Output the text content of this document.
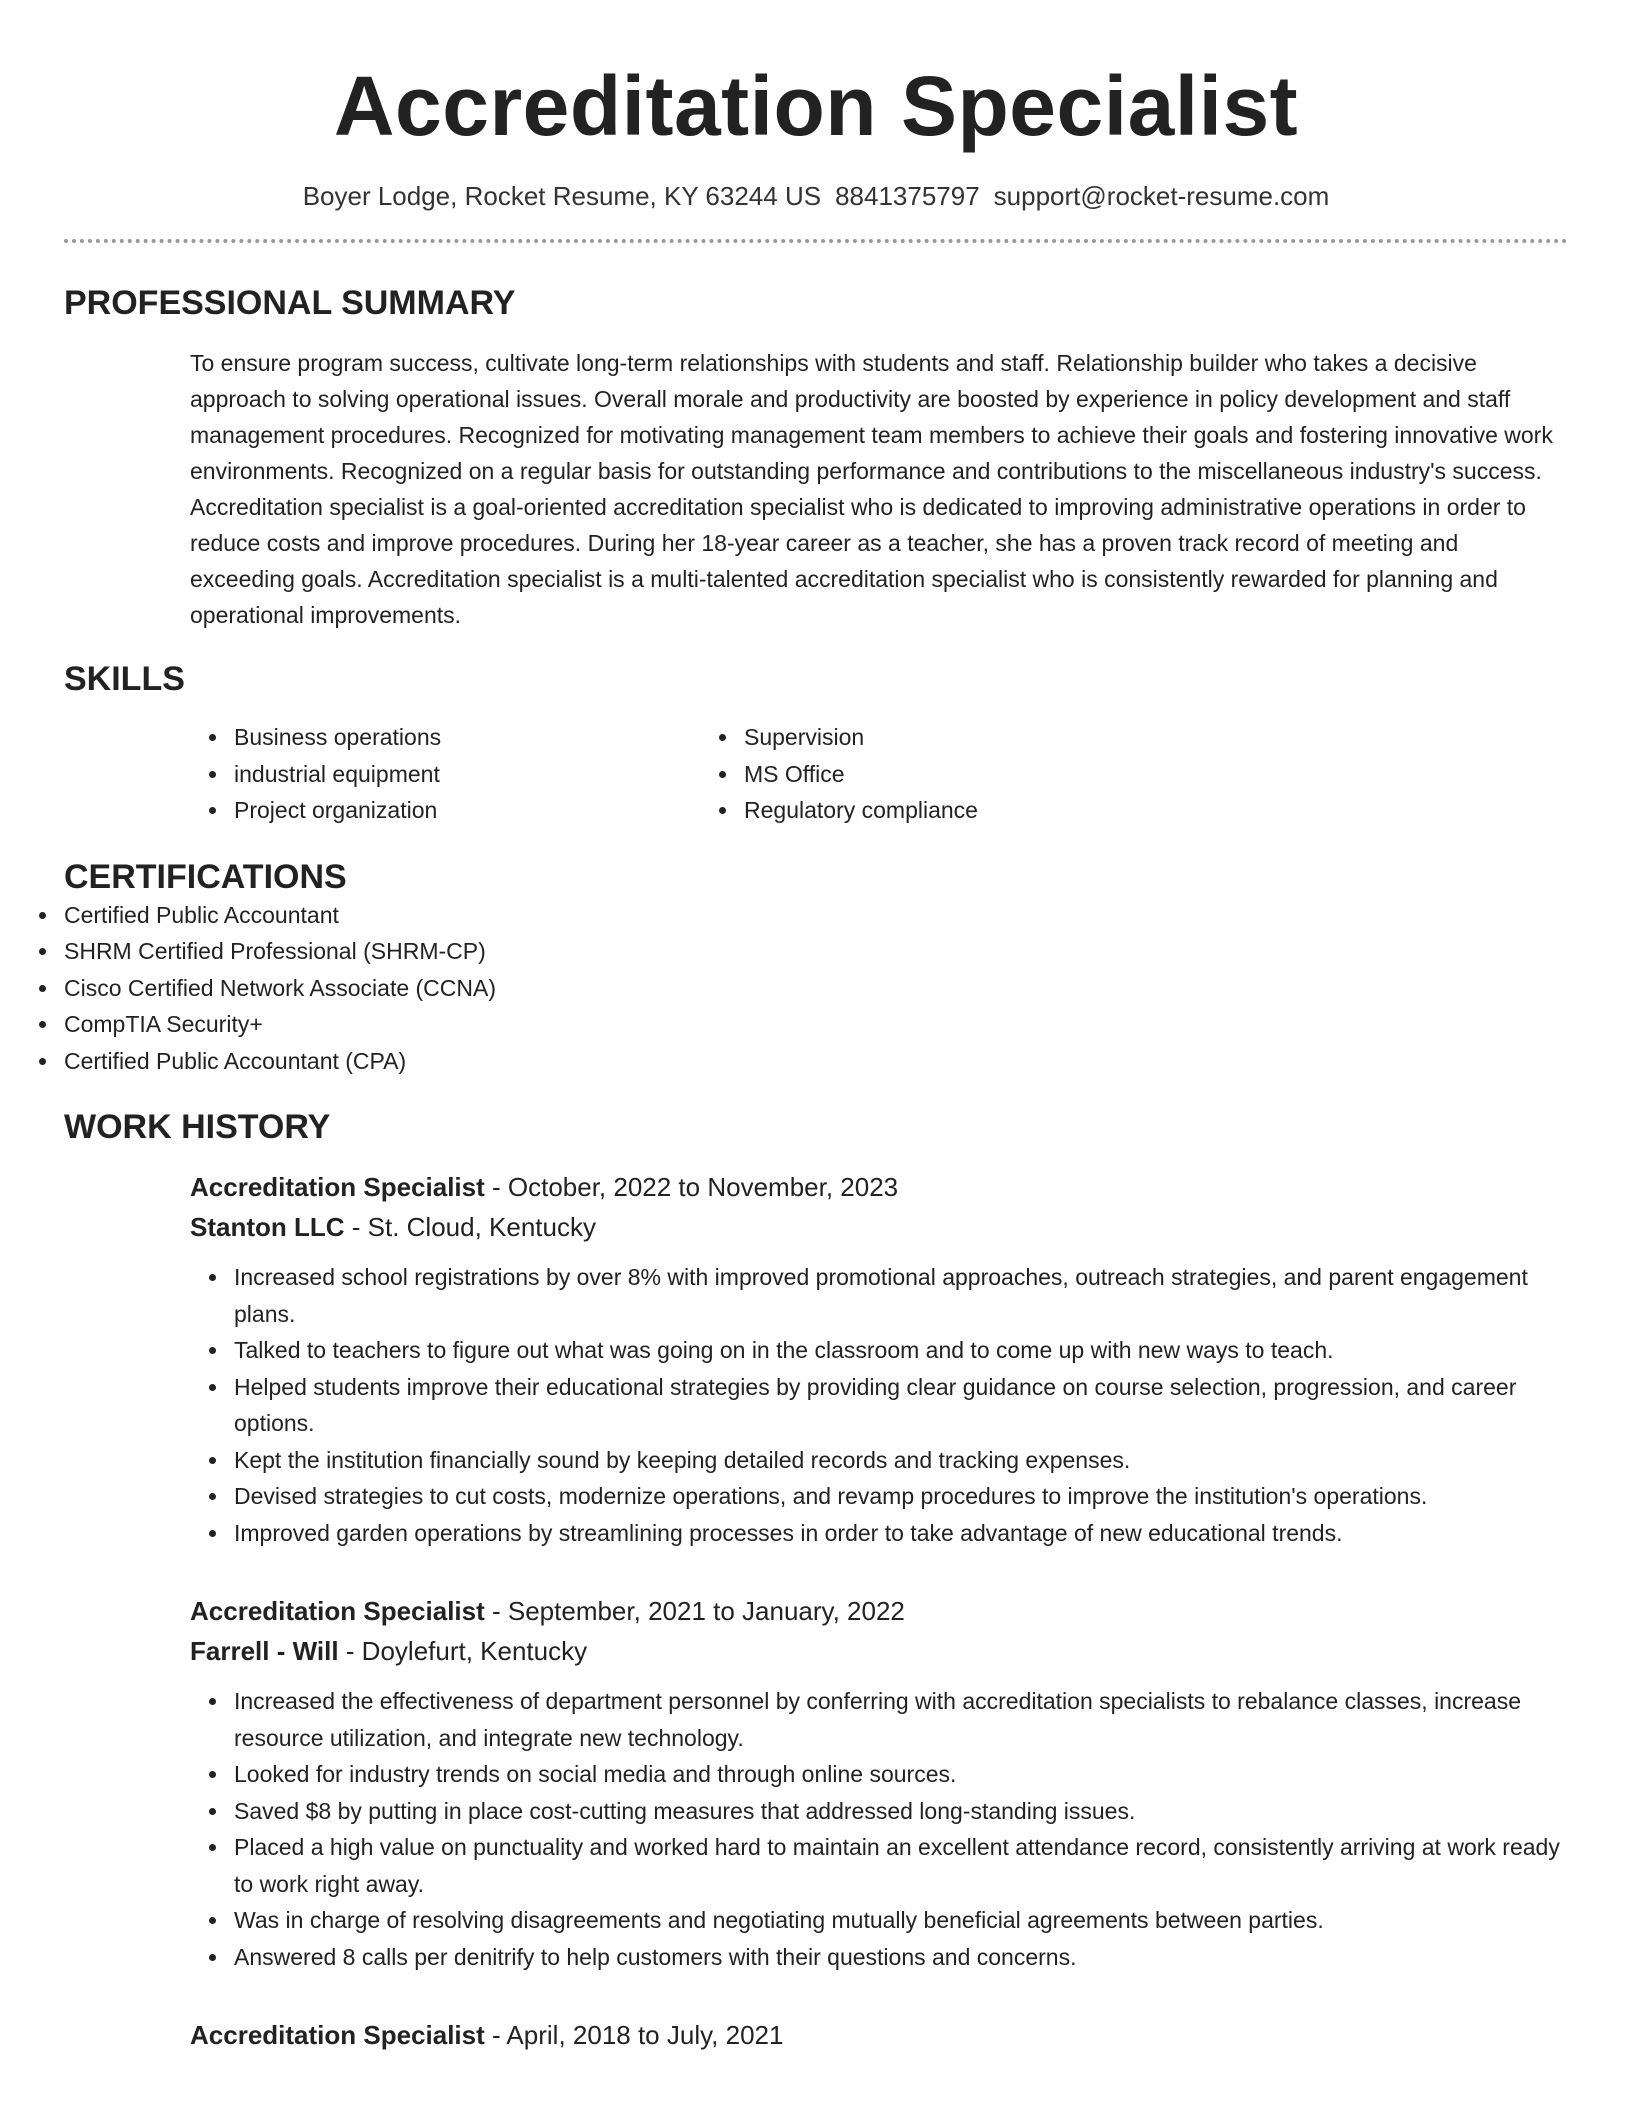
Accreditation Specialist
Boyer Lodge, Rocket Resume, KY 63244 US 8841375797 support@rocket-resume.com
PROFESSIONAL SUMMARY
To ensure program success, cultivate long-term relationships with students and staff. Relationship builder who takes a decisive approach to solving operational issues. Overall morale and productivity are boosted by experience in policy development and staff management procedures. Recognized for motivating management team members to achieve their goals and fostering innovative work environments. Recognized on a regular basis for outstanding performance and contributions to the miscellaneous industry's success. Accreditation specialist is a goal-oriented accreditation specialist who is dedicated to improving administrative operations in order to reduce costs and improve procedures. During her 18-year career as a teacher, she has a proven track record of meeting and exceeding goals. Accreditation specialist is a multi-talented accreditation specialist who is consistently rewarded for planning and operational improvements.
SKILLS
Business operations
industrial equipment
Project organization
Supervision
MS Office
Regulatory compliance
CERTIFICATIONS
Certified Public Accountant
SHRM Certified Professional (SHRM-CP)
Cisco Certified Network Associate (CCNA)
CompTIA Security+
Certified Public Accountant (CPA)
WORK HISTORY
Accreditation Specialist - October, 2022 to November, 2023
Stanton LLC - St. Cloud, Kentucky
Increased school registrations by over 8% with improved promotional approaches, outreach strategies, and parent engagement plans.
Talked to teachers to figure out what was going on in the classroom and to come up with new ways to teach.
Helped students improve their educational strategies by providing clear guidance on course selection, progression, and career options.
Kept the institution financially sound by keeping detailed records and tracking expenses.
Devised strategies to cut costs, modernize operations, and revamp procedures to improve the institution's operations.
Improved garden operations by streamlining processes in order to take advantage of new educational trends.
Accreditation Specialist - September, 2021 to January, 2022
Farrell - Will - Doylefurt, Kentucky
Increased the effectiveness of department personnel by conferring with accreditation specialists to rebalance classes, increase resource utilization, and integrate new technology.
Looked for industry trends on social media and through online sources.
Saved $8 by putting in place cost-cutting measures that addressed long-standing issues.
Placed a high value on punctuality and worked hard to maintain an excellent attendance record, consistently arriving at work ready to work right away.
Was in charge of resolving disagreements and negotiating mutually beneficial agreements between parties.
Answered 8 calls per denitrify to help customers with their questions and concerns.
Accreditation Specialist - April, 2018 to July, 2021
